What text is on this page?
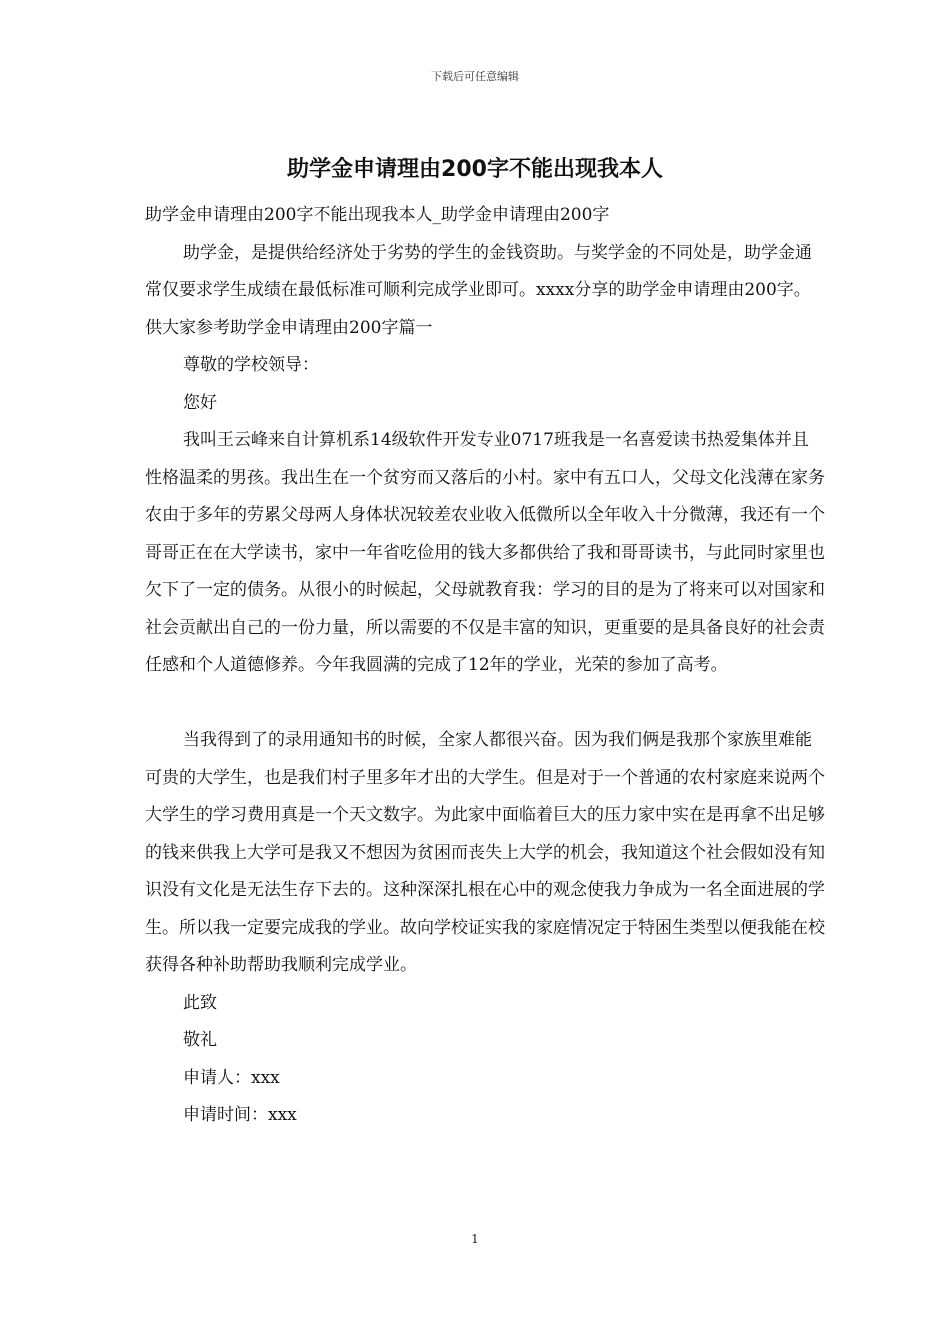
下载后可任意编辑
助学金申请理由200字不能出现我本人

助学金申请理由200字不能出现我本人_助学金申请理由200字

助学金，是提供给经济处于劣势的学生的金钱资助。与奖学金的不同处是，助学金通常仅要求学生成绩在最低标准可顺利完成学业即可。xxxx分享的助学金申请理由200字。供大家参考助学金申请理由200字篇一

尊敬的学校领导：

您好

我叫王云峰来自计算机系14级软件开发专业0717班我是一名喜爱读书热爱集体并且性格温柔的男孩。我出生在一个贫穷而又落后的小村。家中有五口人，父母文化浅薄在家务农由于多年的劳累父母两人身体状况较差农业收入低微所以全年收入十分微薄，我还有一个哥哥正在在大学读书，家中一年省吃俭用的钱大多都供给了我和哥哥读书，与此同时家里也欠下了一定的债务。从很小的时候起，父母就教育我：学习的目的是为了将来可以对国家和社会贡献出自己的一份力量，所以需要的不仅是丰富的知识，更重要的是具备良好的社会责任感和个人道德修养。今年我圆满的完成了12年的学业，光荣的参加了高考。

当我得到了的录用通知书的时候，全家人都很兴奋。因为我们俩是我那个家族里难能可贵的大学生，也是我们村子里多年才出的大学生。但是对于一个普通的农村家庭来说两个大学生的学习费用真是一个天文数字。为此家中面临着巨大的压力家中实在是再拿不出足够的钱来供我上大学可是我又不想因为贫困而丧失上大学的机会，我知道这个社会假如没有知识没有文化是无法生存下去的。这种深深扎根在心中的观念使我力争成为一名全面进展的学生。所以我一定要完成我的学业。故向学校证实我的家庭情况定于特困生类型以便我能在校获得各种补助帮助我顺利完成学业。

此致

敬礼

申请人：xxx

申请时间：xxx

1
